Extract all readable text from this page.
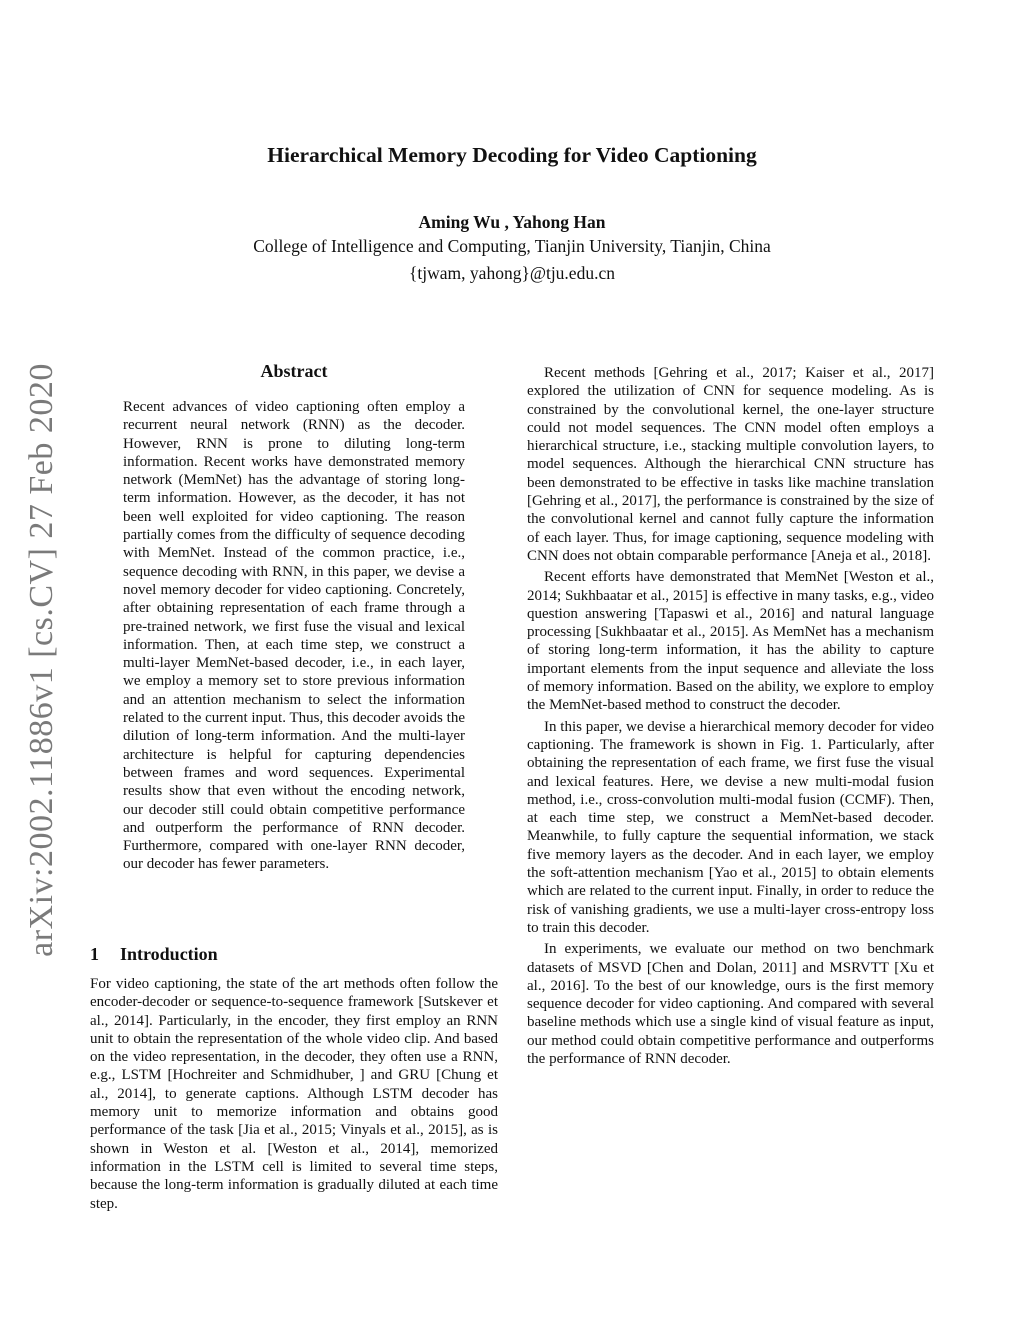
arXiv:2002.11886v1 [cs.CV] 27 Feb 2020
Hierarchical Memory Decoding for Video Captioning
Aming Wu , Yahong Han
College of Intelligence and Computing, Tianjin University, Tianjin, China
{tjwam, yahong}@tju.edu.cn
Abstract

Recent advances of video captioning often employ a recurrent neural network (RNN) as the decoder. However, RNN is prone to diluting long-term information. Recent works have demonstrated memory network (MemNet) has the advantage of storing long-term information. However, as the decoder, it has not been well exploited for video captioning. The reason partially comes from the difficulty of sequence decoding with MemNet. Instead of the common practice, i.e., sequence decoding with RNN, in this paper, we devise a novel memory decoder for video captioning. Concretely, after obtaining representation of each frame through a pre-trained network, we first fuse the visual and lexical information. Then, at each time step, we construct a multi-layer MemNet-based decoder, i.e., in each layer, we employ a memory set to store previous information and an attention mechanism to select the information related to the current input. Thus, this decoder avoids the dilution of long-term information. And the multi-layer architecture is helpful for capturing dependencies between frames and word sequences. Experimental results show that even without the encoding network, our decoder still could obtain competitive performance and outperform the performance of RNN decoder. Furthermore, compared with one-layer RNN decoder, our decoder has fewer parameters.

1 Introduction

For video captioning, the state of the art methods often follow the encoder-decoder or sequence-to-sequence framework [Sutskever et al., 2014]. Particularly, in the encoder, they first employ an RNN unit to obtain the representation of the whole video clip. And based on the video representation, in the decoder, they often use a RNN, e.g., LSTM [Hochreiter and Schmidhuber, ] and GRU [Chung et al., 2014], to generate captions. Although LSTM decoder has memory unit to memorize information and obtains good performance of the task [Jia et al., 2015; Vinyals et al., 2015], as is shown in Weston et al. [Weston et al., 2014], memorized information in the LSTM cell is limited to several time steps, because the long-term information is gradually diluted at each time step.

Recent methods [Gehring et al., 2017; Kaiser et al., 2017] explored the utilization of CNN for sequence modeling. As is constrained by the convolutional kernel, the one-layer structure could not model sequences. The CNN model often employs a hierarchical structure, i.e., stacking multiple convolution layers, to model sequences. Although the hierarchical CNN structure has been demonstrated to be effective in tasks like machine translation [Gehring et al., 2017], the performance is constrained by the size of the convolutional kernel and cannot fully capture the information of each layer. Thus, for image captioning, sequence modeling with CNN does not obtain comparable performance [Aneja et al., 2018].

Recent efforts have demonstrated that MemNet [Weston et al., 2014; Sukhbaatar et al., 2015] is effective in many tasks, e.g., video question answering [Tapaswi et al., 2016] and natural language processing [Sukhbaatar et al., 2015]. As MemNet has a mechanism of storing long-term information, it has the ability to capture important elements from the input sequence and alleviate the loss of memory information. Based on the ability, we explore to employ the MemNet-based method to construct the decoder.

In this paper, we devise a hierarchical memory decoder for video captioning. The framework is shown in Fig. 1. Particularly, after obtaining the representation of each frame, we first fuse the visual and lexical features. Here, we devise a new multi-modal fusion method, i.e., cross-convolution multi-modal fusion (CCMF). Then, at each time step, we construct a MemNet-based decoder. Meanwhile, to fully capture the sequential information, we stack five memory layers as the decoder. And in each layer, we employ the soft-attention mechanism [Yao et al., 2015] to obtain elements which are related to the current input. Finally, in order to reduce the risk of vanishing gradients, we use a multi-layer cross-entropy loss to train this decoder.

In experiments, we evaluate our method on two benchmark datasets of MSVD [Chen and Dolan, 2011] and MSRVTT [Xu et al., 2016]. To the best of our knowledge, ours is the first memory sequence decoder for video captioning. And compared with several baseline methods which use a single kind of visual feature as input, our method could obtain competitive performance and outperforms the performance of RNN decoder.
